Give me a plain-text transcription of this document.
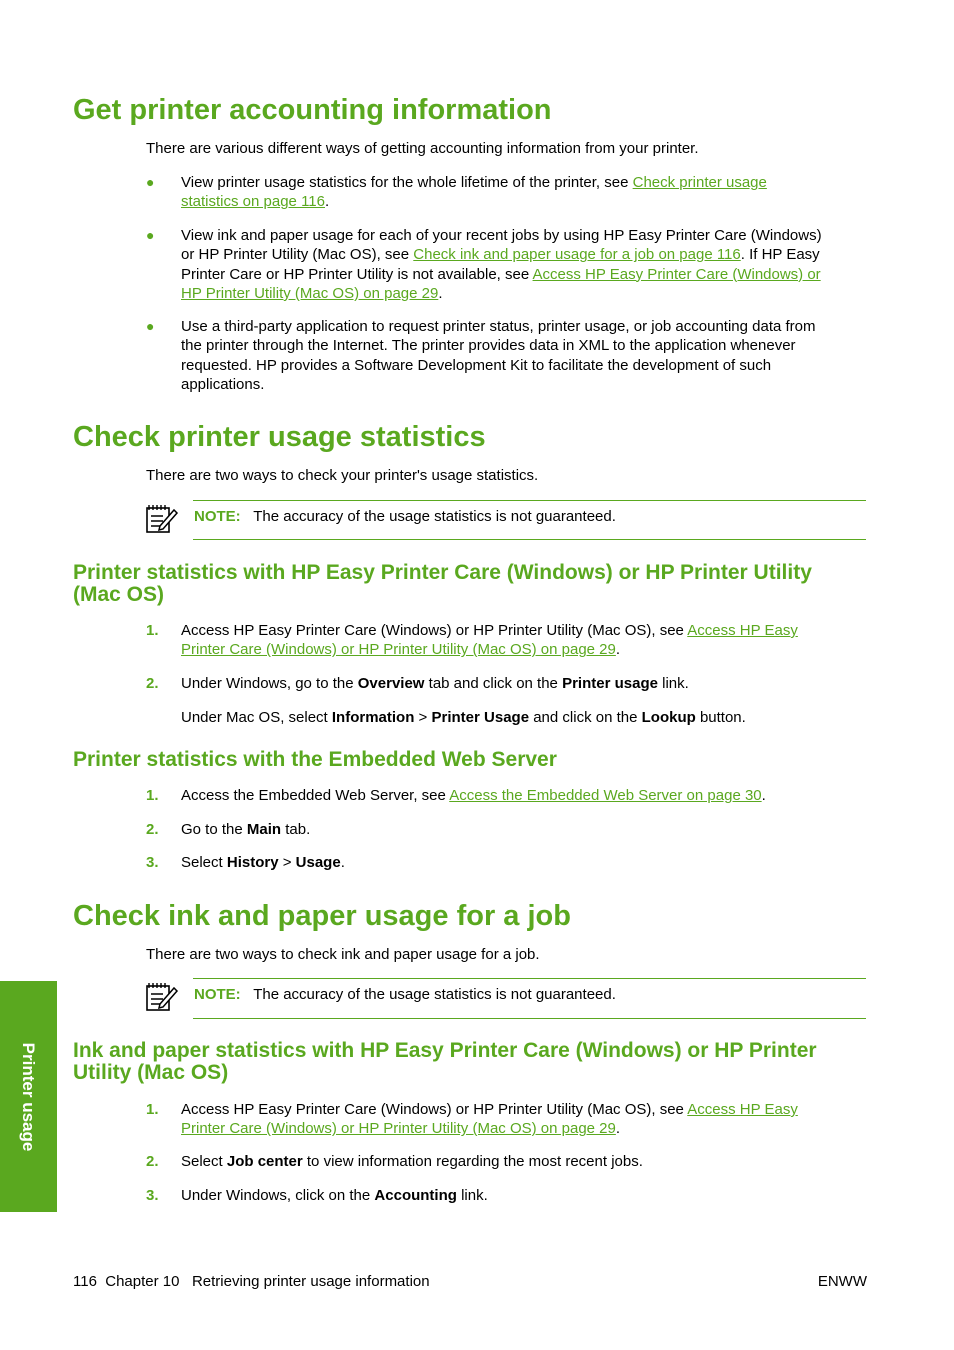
Get printer accounting information
There are various different ways of getting accounting information from your printer.
● View printer usage statistics for the whole lifetime of the printer, see Check printer usage
statistics on page 116.
● View ink and paper usage for each of your recent jobs by using HP Easy Printer Care (Windows)
or HP Printer Utility (Mac OS), see Check ink and paper usage for a job on page 116. If HP Easy
Printer Care or HP Printer Utility is not available, see Access HP Easy Printer Care (Windows) or
HP Printer Utility (Mac OS) on page 29.
● Use a third-party application to request printer status, printer usage, or job accounting data from
the printer through the Internet. The printer provides data in XML to the application whenever
requested. HP provides a Software Development Kit to facilitate the development of such
applications.
Check printer usage statistics
There are two ways to check your printer's usage statistics.
NOTE: The accuracy of the usage statistics is not guaranteed.
Printer statistics with HP Easy Printer Care (Windows) or HP Printer Utility
(Mac OS)
1. Access HP Easy Printer Care (Windows) or HP Printer Utility (Mac OS), see Access HP Easy
Printer Care (Windows) or HP Printer Utility (Mac OS) on page 29.
2. Under Windows, go to the Overview tab and click on the Printer usage link.
Under Mac OS, select Information > Printer Usage and click on the Lookup button.
Printer statistics with the Embedded Web Server
1. Access the Embedded Web Server, see Access the Embedded Web Server on page 30.
2. Go to the Main tab.
3. Select History > Usage.
Check ink and paper usage for a job
There are two ways to check ink and paper usage for a job.
NOTE: The accuracy of the usage statistics is not guaranteed.
Ink and paper statistics with HP Easy Printer Care (Windows) or HP Printer
Utility (Mac OS)
1. Access HP Easy Printer Care (Windows) or HP Printer Utility (Mac OS), see Access HP Easy
Printer Care (Windows) or HP Printer Utility (Mac OS) on page 29.
2. Select Job center to view information regarding the most recent jobs.
3. Under Windows, click on the Accounting link.
Printer usage
116  Chapter 10   Retrieving printer usage information	ENWW
